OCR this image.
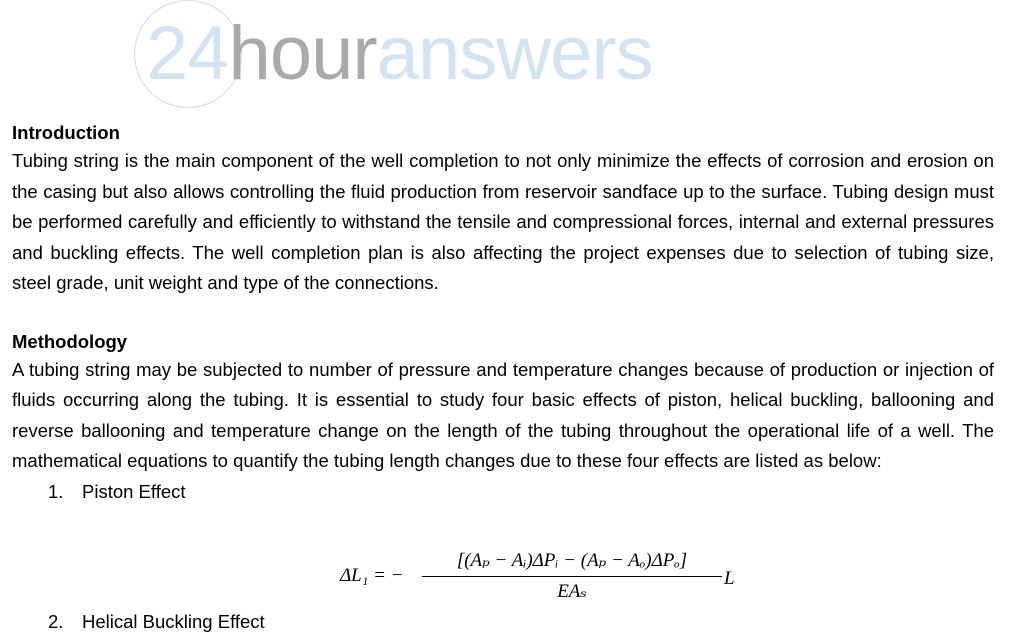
24houranswers
Introduction

Tubing string is the main component of the well completion to not only minimize the effects of corrosion and erosion on the casing but also allows controlling the fluid production from reservoir sandface up to the surface. Tubing design must be performed carefully and efficiently to withstand the tensile and compressional forces, internal and external pressures and buckling effects. The well completion plan is also affecting the project expenses due to selection of tubing size, steel grade, unit weight and type of the connections.

Methodology

A tubing string may be subjected to number of pressure and temperature changes because of production or injection of fluids occurring along the tubing. It is essential to study four basic effects of piston, helical buckling, ballooning and reverse ballooning and temperature change on the length of the tubing throughout the operational life of a well. The mathematical equations to quantify the tubing length changes due to these four effects are listed as below:

1. Piston Effect
ΔL₁ = −
[(Aₚ − Aᵢ)ΔPᵢ − (Aₚ − Aₒ)ΔPₒ]
EAₛ
L
2. Helical Buckling Effect
